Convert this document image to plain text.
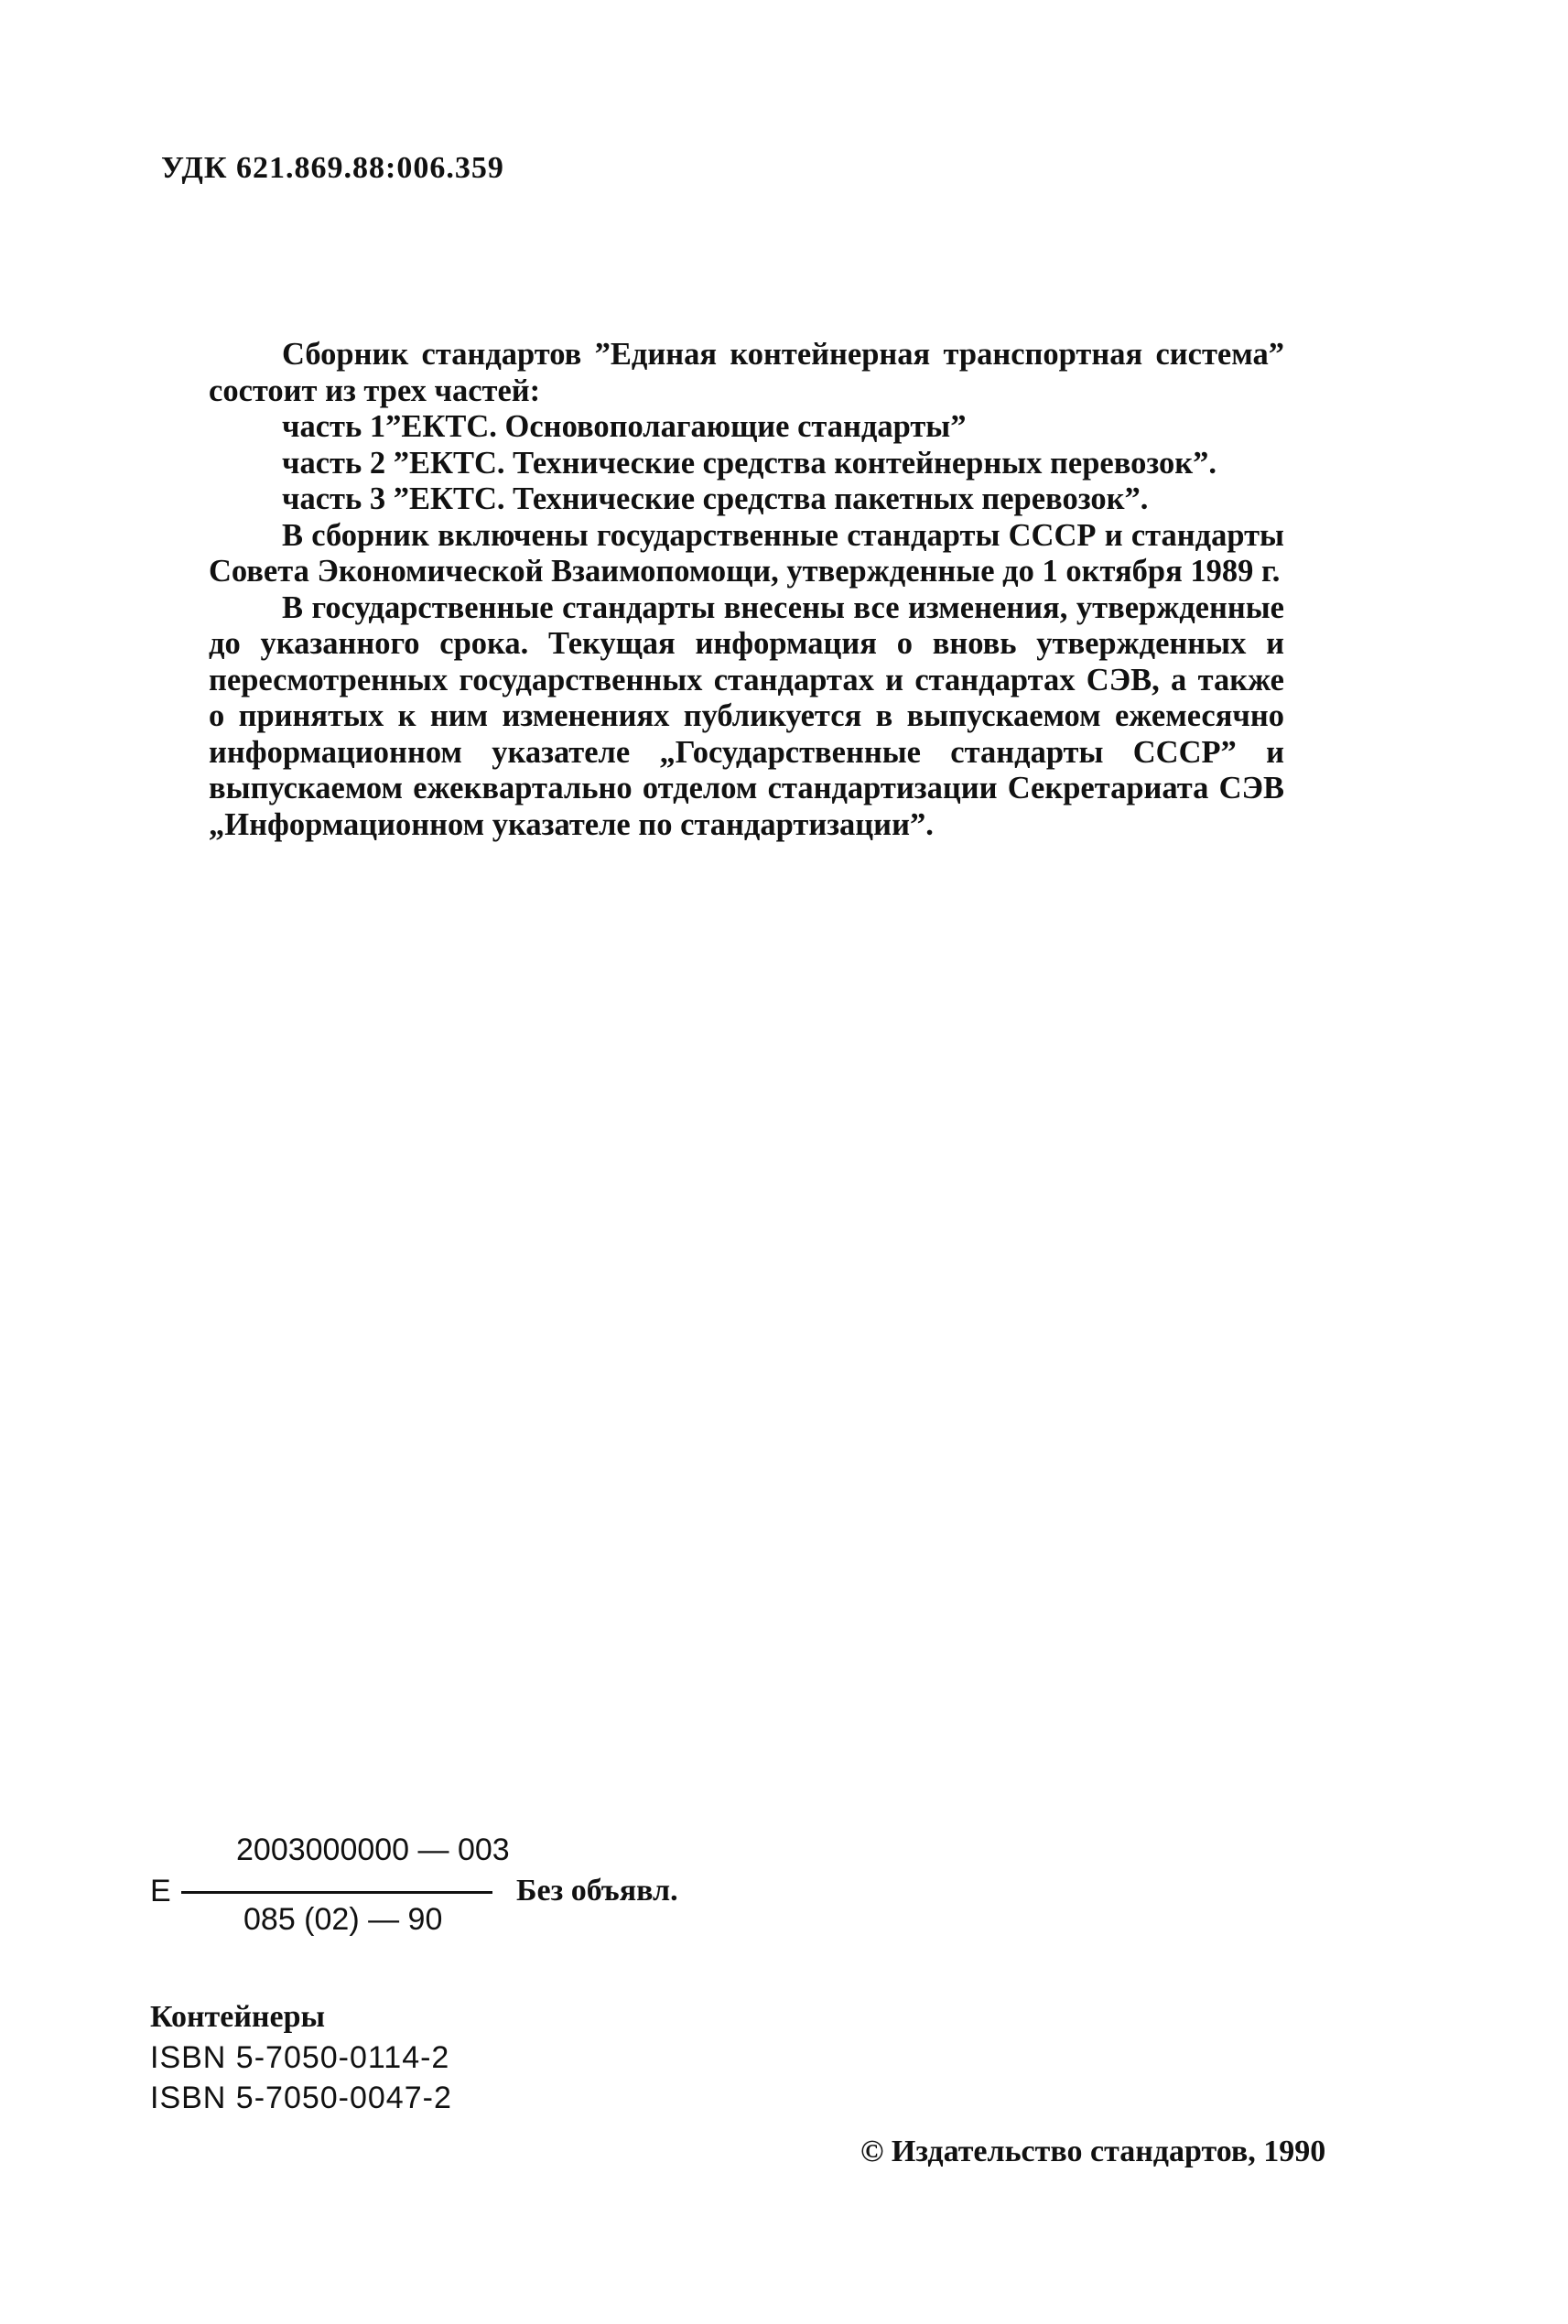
УДК 621.869.88:006.359

Сборник стандартов ”Единая контейнерная транспортная система” состоит из трех частей:

часть 1”ЕКТС. Основополагающие стандарты”

часть 2 ”ЕКТС. Технические средства контейнерных перевозок”.

часть 3 ”ЕКТС. Технические средства пакетных перевозок”.

В сборник включены государственные стандарты СССР и стандарты Совета Экономической Взаимопомощи, утвержденные до 1 октября 1989 г.

В государственные стандарты внесены все изменения, утвержденные до указанного срока. Текущая информация о вновь утвержденных и пересмотренных государственных стандартах и стандартах СЭВ, а также о принятых к ним изменениях публикуется в выпускаемом ежемесячно информационном указателе „Государственные стандарты СССР” и выпускаемом ежеквартально отделом стандартизации Секретариата СЭВ „Информационном указателе по стандартизации”.

Е
2003000000 — 003
085 (02) — 90
Без объявл.
Контейнеры
ISBN 5-7050-0114-2
ISBN 5-7050-0047-2
© Издательство стандартов, 1990
